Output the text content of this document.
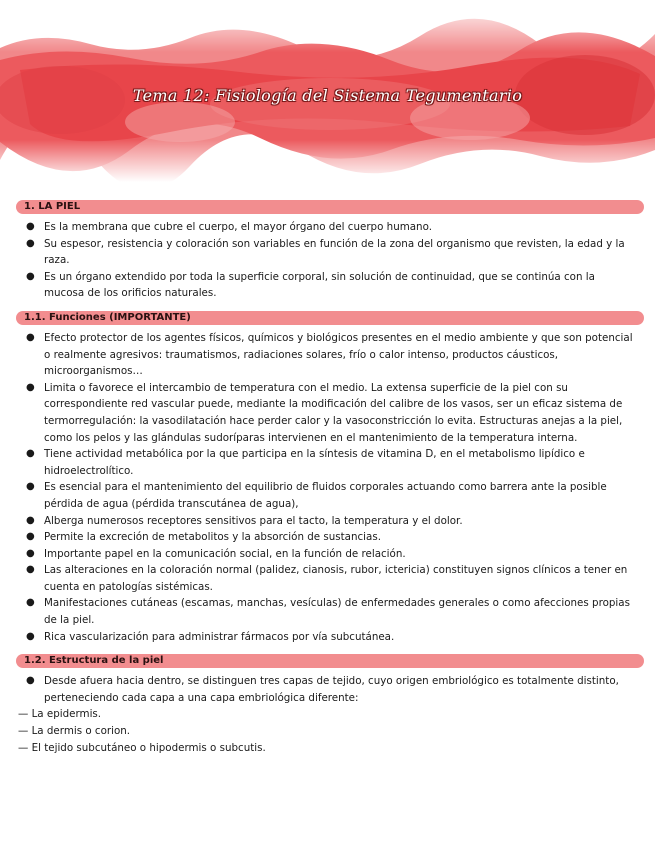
Tema 12: Fisiología del Sistema Tegumentario
1. LA PIEL
● Es la membrana que cubre el cuerpo, el mayor órgano del cuerpo humano.
● Su espesor, resistencia y coloración son variables en función de la zona del organismo que revisten, la edad y la raza.
● Es un órgano extendido por toda la superficie corporal, sin solución de continuidad, que se continúa con la mucosa de los orificios naturales.
1.1. Funciones (IMPORTANTE)
● Efecto protector de los agentes físicos, químicos y biológicos presentes en el medio ambiente y que son potencial o realmente agresivos: traumatismos, radiaciones solares, frío o calor intenso, productos cáusticos, microorganismos…
● Limita o favorece el intercambio de temperatura con el medio. La extensa superficie de la piel con su correspondiente red vascular puede, mediante la modificación del calibre de los vasos, ser un eficaz sistema de termorregulación: la vasodilatación hace perder calor y la vasoconstricción lo evita. Estructuras anejas a la piel, como los pelos y las glándulas sudoríparas intervienen en el mantenimiento de la temperatura interna.
● Tiene actividad metabólica por la que participa en la síntesis de vitamina D, en el metabolismo lipídico e hidroelectrolítico.
● Es esencial para el mantenimiento del equilibrio de fluidos corporales actuando como barrera ante la posible pérdida de agua (pérdida transcutánea de agua),
● Alberga numerosos receptores sensitivos para el tacto, la temperatura y el dolor.
● Permite la excreción de metabolitos y la absorción de sustancias.
● Importante papel en la comunicación social, en la función de relación.
● Las alteraciones en la coloración normal (palidez, cianosis, rubor, ictericia) constituyen signos clínicos a tener en cuenta en patologías sistémicas.
● Manifestaciones cutáneas (escamas, manchas, vesículas) de enfermedades generales o como afecciones propias de la piel.
● Rica vascularización para administrar fármacos por vía subcutánea.
1.2. Estructura de la piel
● Desde afuera hacia dentro, se distinguen tres capas de tejido, cuyo origen embriológico es totalmente distinto, perteneciendo cada capa a una capa embriológica diferente:
— La epidermis.
— La dermis o corion.
— El tejido subcutáneo o hipodermis o subcutis.
